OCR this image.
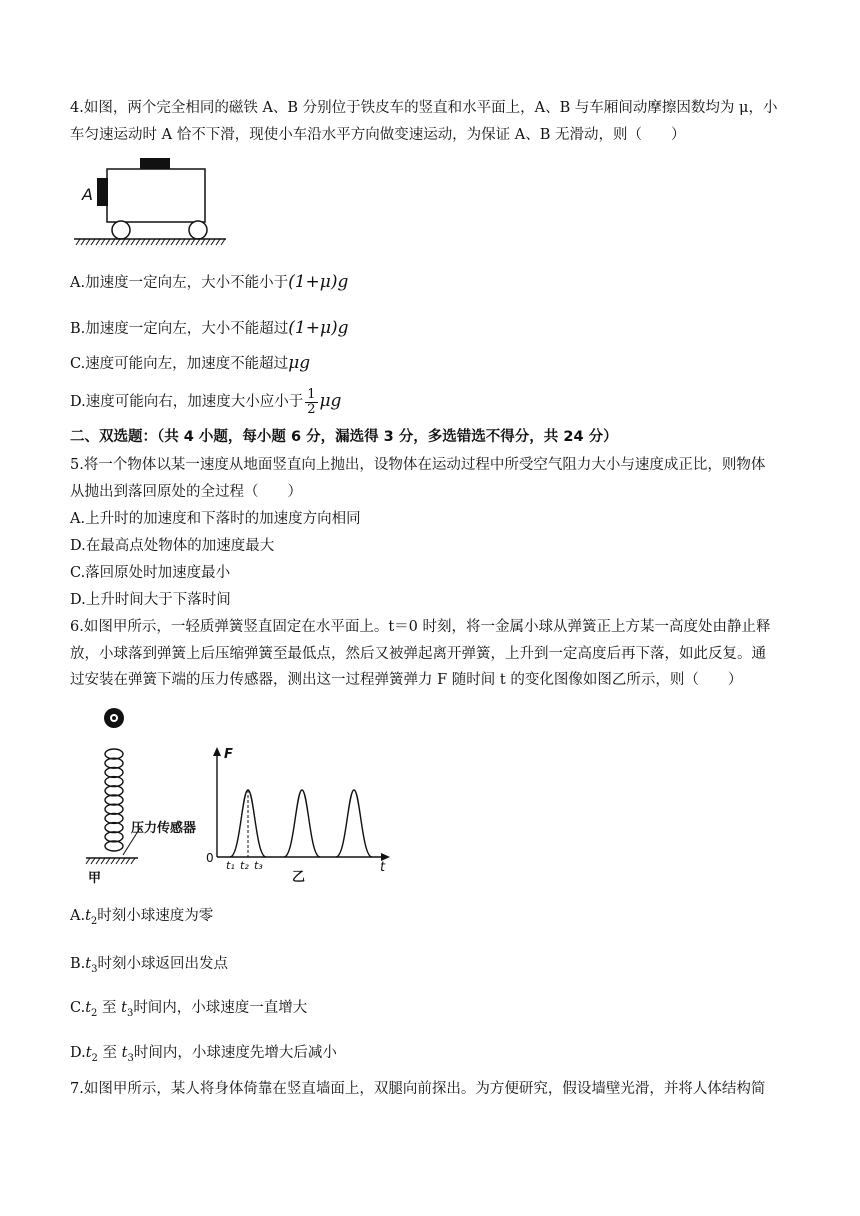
4.如图，两个完全相同的磁铁 A、B 分别位于铁皮车的竖直和水平面上，A、B 与车厢间动摩擦因数均为 μ，小
车匀速运动时 A 恰不下滑，现使小车沿水平方向做变速运动，为保证 A、B 无滑动，则（　　）
A
A.加速度一定向左，大小不能小于(1+μ)g
B.加速度一定向左，大小不能超过(1+μ)g
C.速度可能向左，加速度不能超过μg
D.速度可能向右，加速度大小应小于 $\frac{1}{2}$ μg
二、双选题：（共 4 小题，每小题 6 分，漏选得 3 分，多选错选不得分，共 24 分）
5.将一个物体以某一速度从地面竖直向上抛出，设物体在运动过程中所受空气阻力大小与速度成正比，则物体
从抛出到落回原处的全过程（　　）
A.上升时的加速度和下落时的加速度方向相同
D.在最高点处物体的加速度最大
C.落回原处时加速度最小
D.上升时间大于下落时间
6.如图甲所示，一轻质弹簧竖直固定在水平面上。t＝0 时刻，将一金属小球从弹簧正上方某一高度处由静止释
放，小球落到弹簧上后压缩弹簧至最低点，然后又被弹起离开弹簧，上升到一定高度后再下落，如此反复。通
过安装在弹簧下端的压力传感器，测出这一过程弹簧弹力 F 随时间 t 的变化图像如图乙所示，则（　　）
压力传感器
甲
F
t
0
t₁ t₂ t₃
乙
$A.t_2$时刻小球速度为零
$B.t_3$时刻小球返回出发点
$C.t_2$ 至 $t_3$时间内，小球速度一直增大
$D.t_2$ 至 $t_3$时间内，小球速度先增大后减小
7.如图甲所示，某人将身体倚靠在竖直墙面上，双腿向前探出。为方便研究，假设墙壁光滑，并将人体结构简
